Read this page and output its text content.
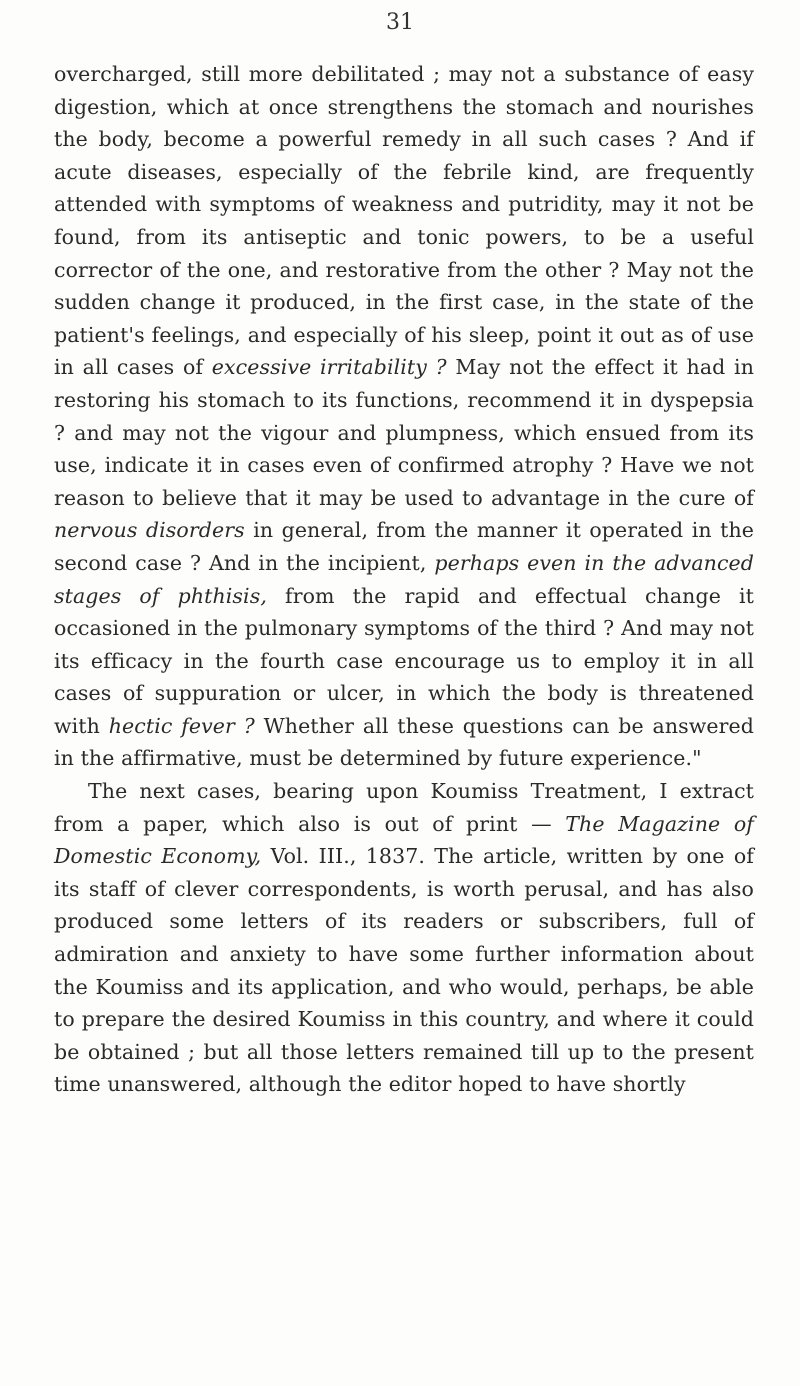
31

overcharged, still more debilitated ; may not a substance of easy digestion, which at once strengthens the stomach and nourishes the body, become a powerful remedy in all such cases ? And if acute diseases, especially of the febrile kind, are frequently attended with symptoms of weakness and putridity, may it not be found, from its antiseptic and tonic powers, to be a useful corrector of the one, and restorative from the other ? May not the sudden change it produced, in the first case, in the state of the patient's feelings, and especially of his sleep, point it out as of use in all cases of excessive irritability ? May not the effect it had in restoring his stomach to its functions, recommend it in dyspepsia ? and may not the vigour and plumpness, which ensued from its use, indicate it in cases even of confirmed atrophy ? Have we not reason to believe that it may be used to advantage in the cure of nervous disorders in general, from the manner it operated in the second case ? And in the incipient, perhaps even in the advanced stages of phthisis, from the rapid and effectual change it occasioned in the pulmonary symptoms of the third ? And may not its efficacy in the fourth case encourage us to employ it in all cases of suppuration or ulcer, in which the body is threatened with hectic fever ? Whether all these questions can be answered in the affirmative, must be determined by future experience."

The next cases, bearing upon Koumiss Treatment, I extract from a paper, which also is out of print — The Magazine of Domestic Economy, Vol. III., 1837. The article, written by one of its staff of clever correspondents, is worth perusal, and has also produced some letters of its readers or subscribers, full of admiration and anxiety to have some further information about the Koumiss and its application, and who would, perhaps, be able to prepare the desired Koumiss in this country, and where it could be obtained ; but all those letters remained till up to the present time unanswered, although the editor hoped to have shortly
